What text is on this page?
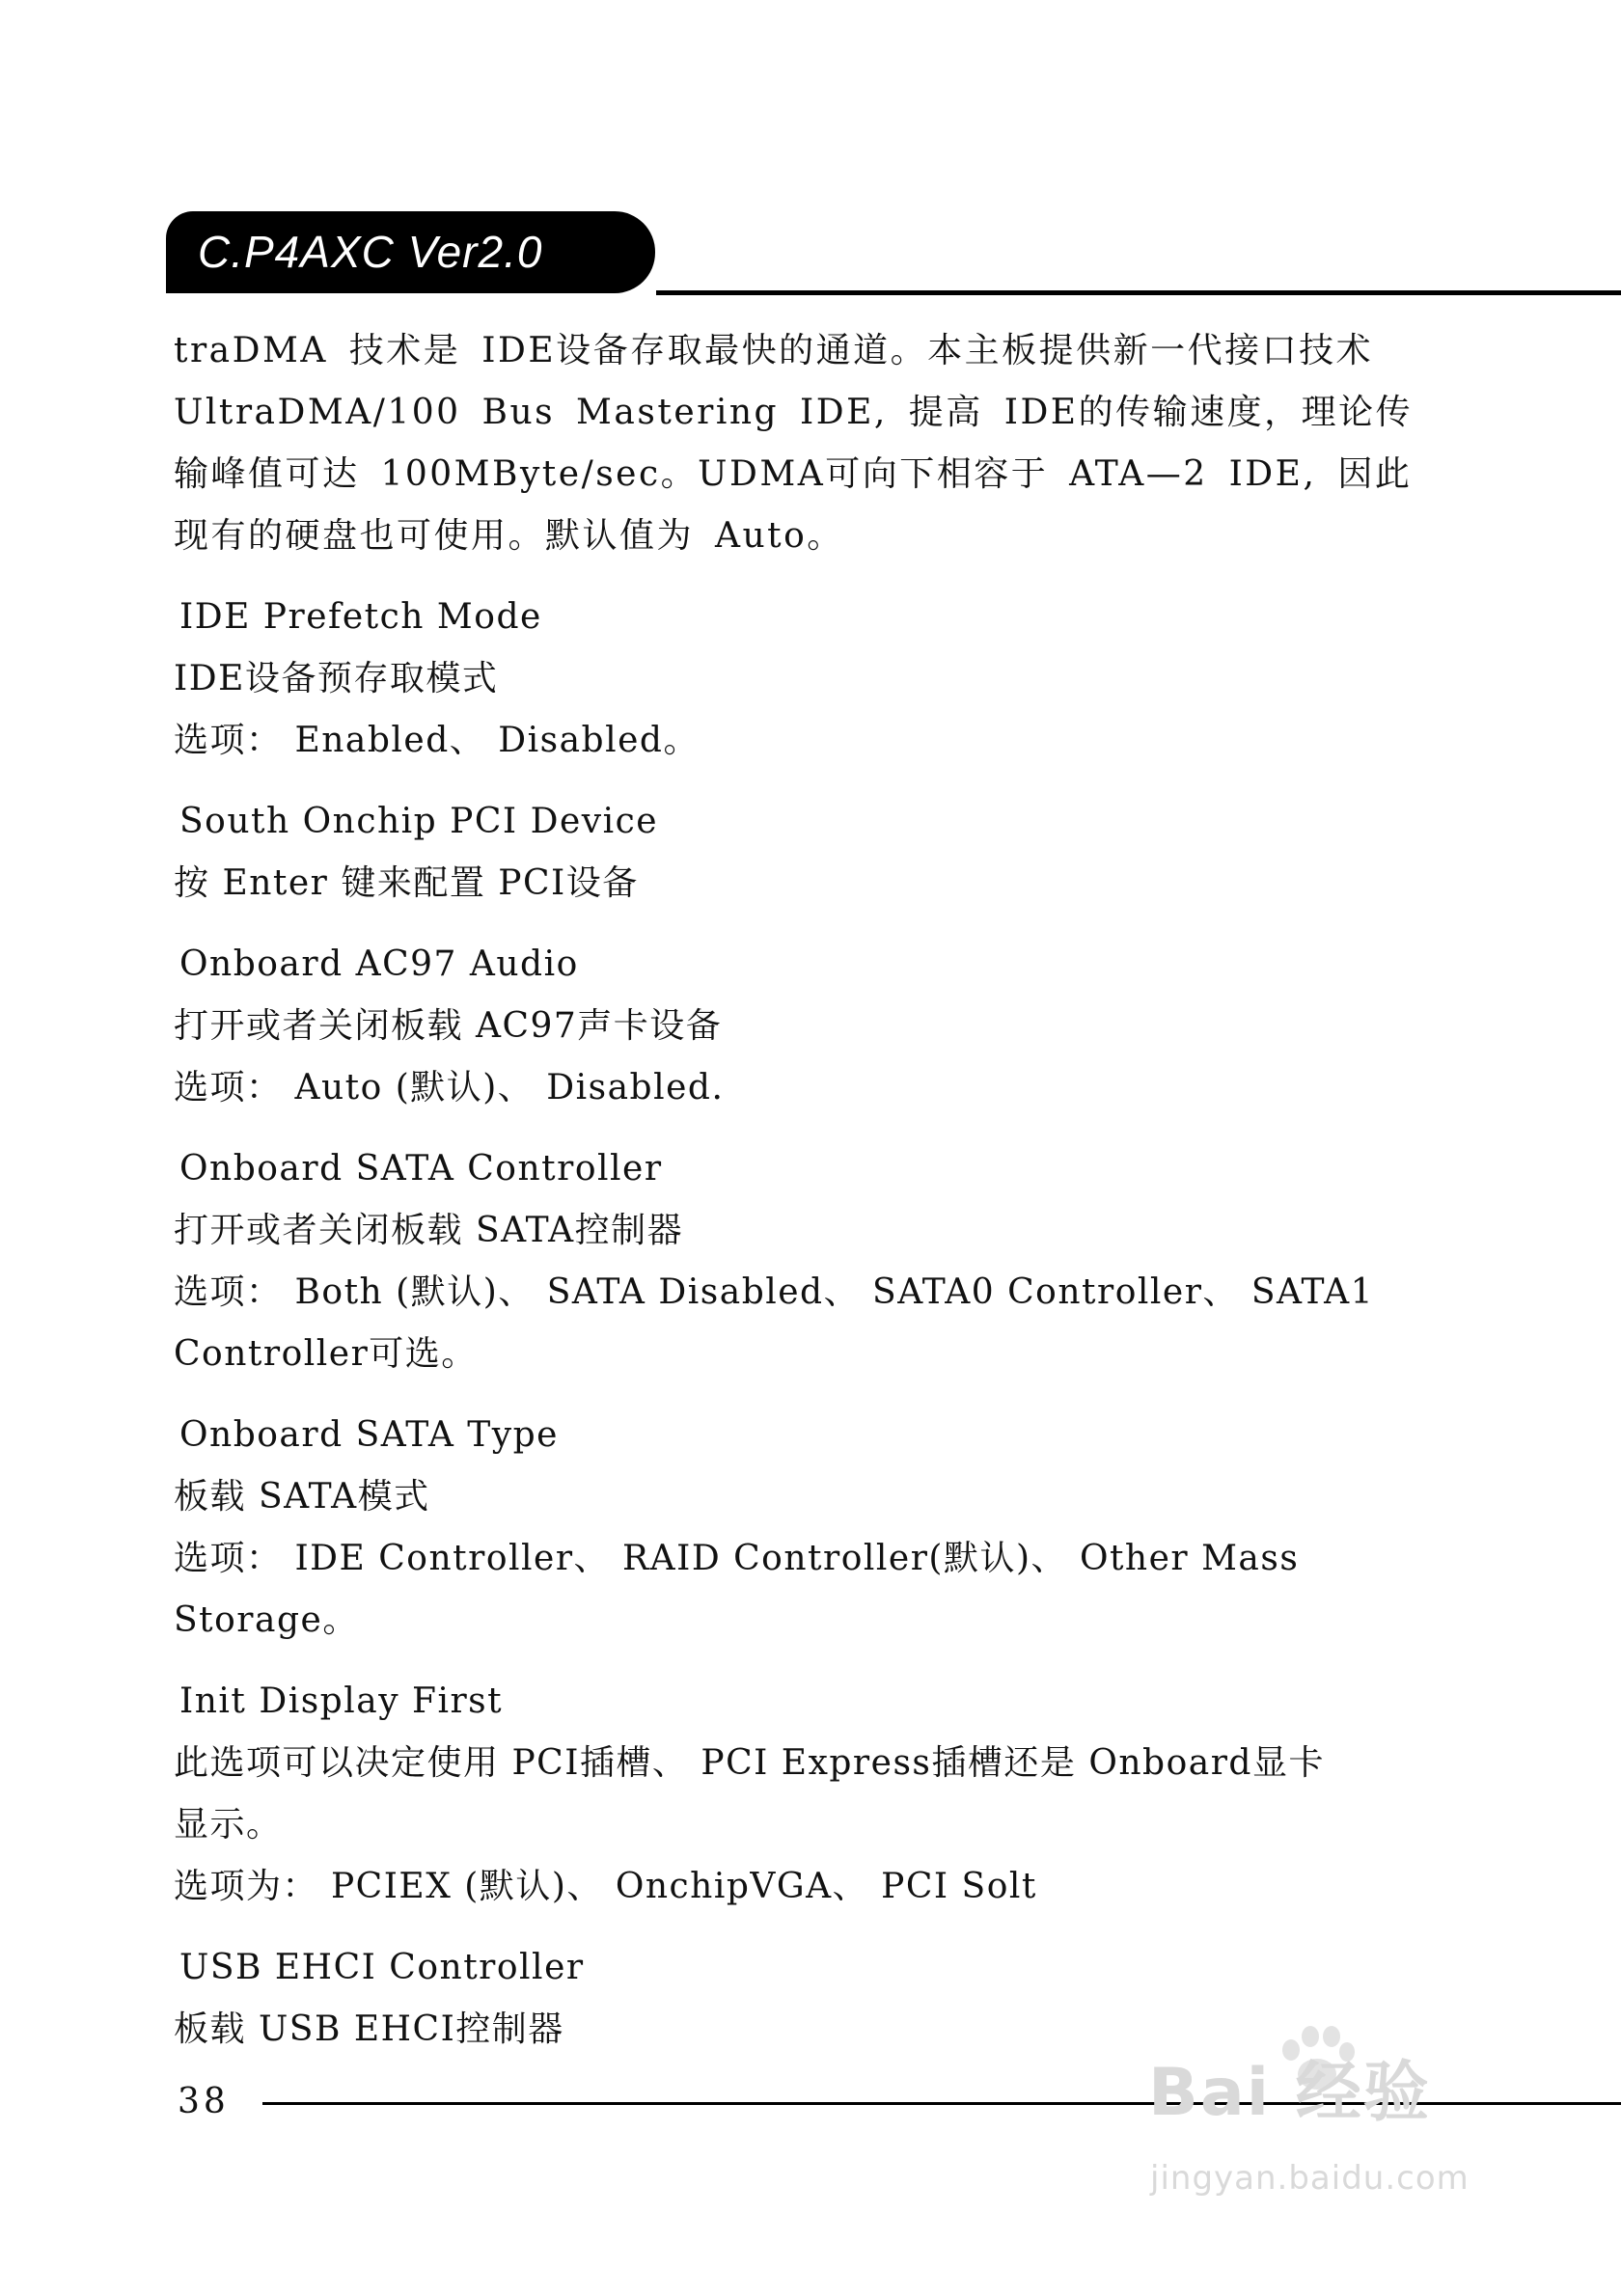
C.P4AXC Ver2.0
traDMA 技术是 IDE设备存取最快的通道。本主板提供新一代接口技术 UltraDMA/100 Bus Mastering IDE, 提高 IDE的传输速度，理论传输峰值可达 100MByte/sec。UDMA可向下相容于 ATA—2 IDE, 因此现有的硬盘也可使用。默认值为 Auto。
IDE Prefetch Mode
IDE设备预存取模式
选项： Enabled、 Disabled。
South Onchip PCI Device
按 Enter 键来配置 PCI设备
Onboard AC97 Audio
打开或者关闭板载 AC97声卡设备
选项： Auto (默认)、 Disabled.
Onboard SATA Controller
打开或者关闭板载 SATA控制器
选项： Both (默认)、 SATA Disabled、 SATA0 Controller、 SATA1
Controller可选。
Onboard SATA Type
板载 SATA模式
选项： IDE Controller、 RAID Controller(默认)、 Other Mass
Storage。
Init Display First
此选项可以决定使用 PCI插槽、 PCI Express插槽还是 Onboard显卡
显示。
选项为： PCIEX (默认)、 OnchipVGA、 PCI Solt
USB EHCI Controller
板载 USB EHCI控制器
38	Bai 经验
jingyan.baidu.com
